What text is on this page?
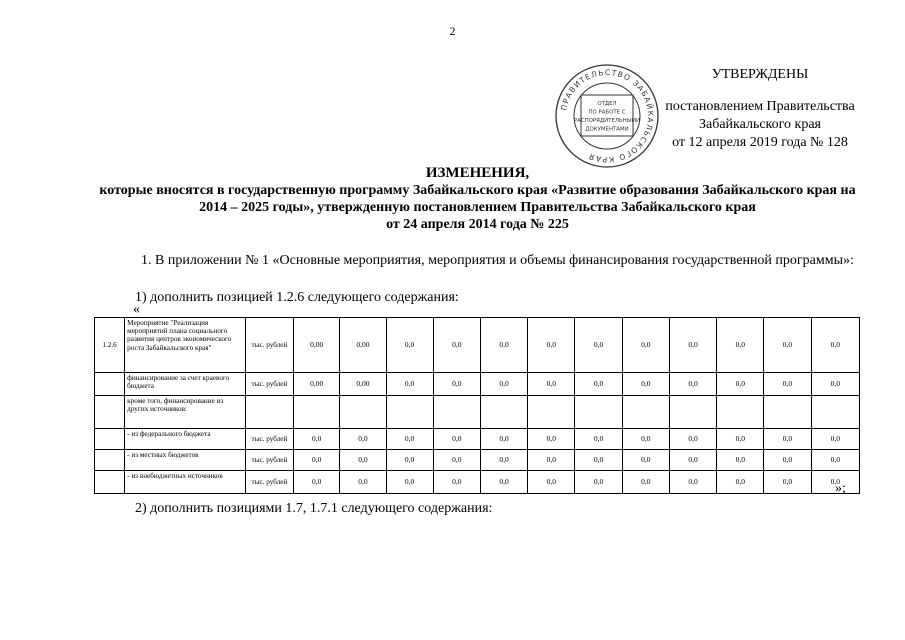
2
ПРАВИТЕЛЬСТВО ЗАБАЙКАЛЬСКОГО КРАЯ
ОТДЕЛ ПО РАБОТЕ С РАСПОРЯДИТЕЛЬНЫМИ ДОКУМЕНТАМИ
УТВЕРЖДЕНЫ
постановлением Правительства
Забайкальского края
от 12 апреля 2019 года № 128
ИЗМЕНЕНИЯ,
которые вносятся в государственную программу Забайкальского края «Развитие образования Забайкальского края на 2014 – 2025 годы», утвержденную постановлением Правительства Забайкальского края
от 24 апреля 2014 года № 225
1. В приложении № 1 «Основные мероприятия, мероприятия и объемы финансирования государственной программы»:
1) дополнить позицией 1.2.6 следующего содержания:
«
1.2.6	Мероприятие "Реализация мероприятий плана социального развития центров экономического роста Забайкальского края"	тыс. рублей	0,00	0,00	0,0	0,0	0,0	0,0	0,0	0,0	0,0	0,0	0,0	0,0
	финансирование за счет краевого бюджета	тыс. рублей	0,00	0,00	0,0	0,0	0,0	0,0	0,0	0,0	0,0	0,0	0,0	0,0
	кроме того, финансирование из других источников:													
	- из федерального бюджета	тыс. рублей	0,0	0,0	0,0	0,0	0,0	0,0	0,0	0,0	0,0	0,0	0,0	0,0
	- из местных бюджетов	тыс. рублей	0,0	0,0	0,0	0,0	0,0	0,0	0,0	0,0	0,0	0,0	0,0	0,0
	- из внебюджетных источников	тыс. рублей	0,0	0,0	0,0	0,0	0,0	0,0	0,0	0,0	0,0	0,0	0,0	0,0
»;
2) дополнить позициями 1.7, 1.7.1 следующего содержания:
